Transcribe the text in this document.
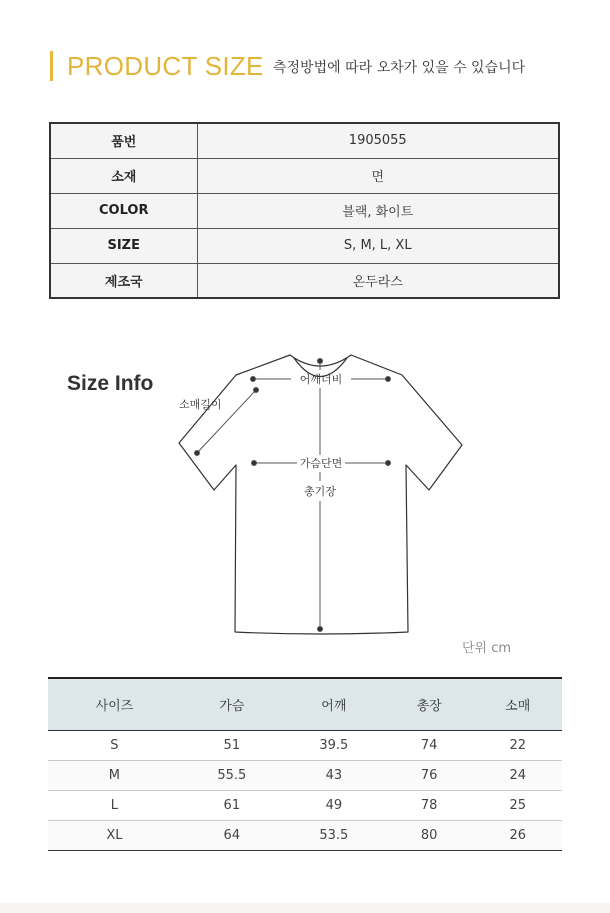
PRODUCT SIZE 측정방법에 따라 오차가 있을 수 있습니다
품번	1905055
소재	면
COLOR	블랙, 화이트
SIZE	S, M, L, XL
제조국	온두라스
Size Info	어깨너비
소매길이
가슴단면
총기장
단위 cm
사이즈	가슴	어깨	총장	소매
S	51	39.5	74	22
M	55.5	43	76	24
L	61	49	78	25
XL	64	53.5	80	26
